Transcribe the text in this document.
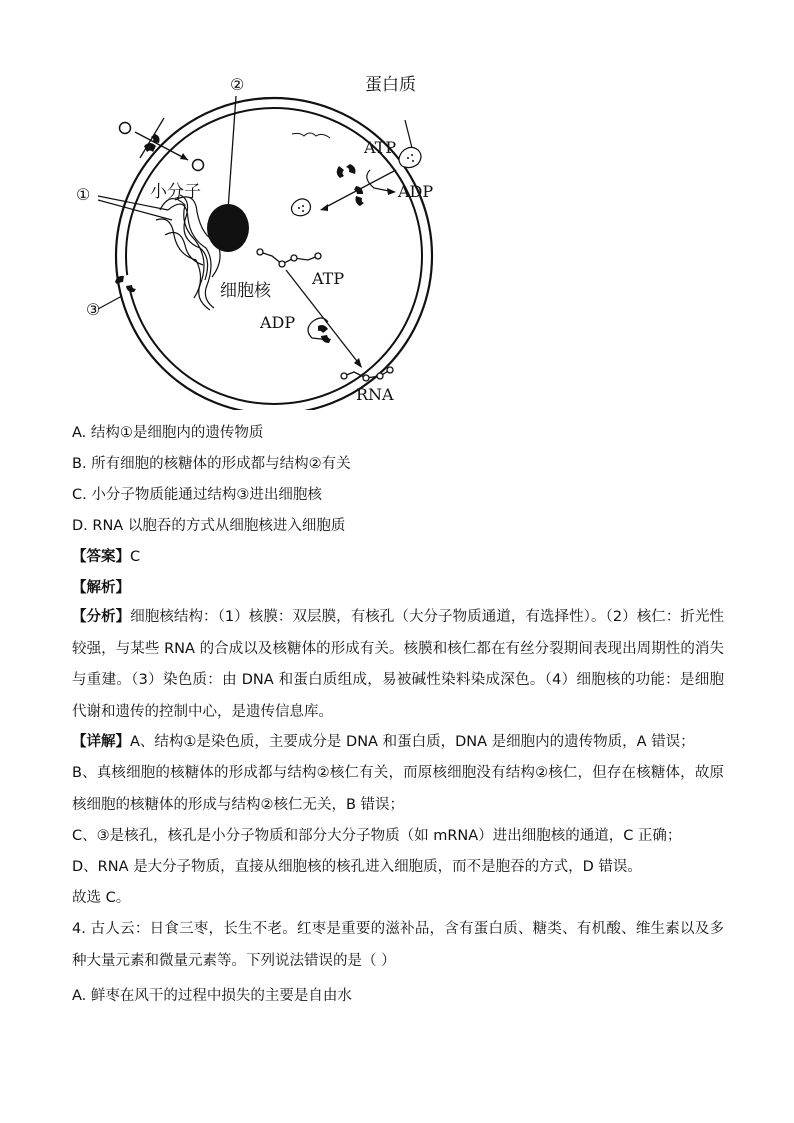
②	蛋白质
ATP
ADP
①	小分子
细胞核
ATP
ADP
③
RNA
A. 结构①是细胞内的遗传物质
B. 所有细胞的核糖体的形成都与结构②有关
C. 小分子物质能通过结构③进出细胞核
D. RNA 以胞吞的方式从细胞核进入细胞质
【答案】C
【解析】
【分析】细胞核结构：（1）核膜：双层膜，有核孔（大分子物质通道，有选择性）。（2）核仁：折光性较强，与某些 RNA 的合成以及核糖体的形成有关。核膜和核仁都在有丝分裂期间表现出周期性的消失与重建。（3）染色质：由 DNA 和蛋白质组成，易被碱性染料染成深色。（4）细胞核的功能：是细胞代谢和遗传的控制中心，是遗传信息库。
【详解】A、结构①是染色质，主要成分是 DNA 和蛋白质，DNA 是细胞内的遗传物质，A 错误；
B、真核细胞的核糖体的形成都与结构②核仁有关，而原核细胞没有结构②核仁，但存在核糖体，故原核细胞的核糖体的形成与结构②核仁无关，B 错误；
C、③是核孔，核孔是小分子物质和部分大分子物质（如 mRNA）进出细胞核的通道，C 正确；
D、RNA 是大分子物质，直接从细胞核的核孔进入细胞质，而不是胞吞的方式，D 错误。
故选 C。
4. 古人云：日食三枣，长生不老。红枣是重要的滋补品，含有蛋白质、糖类、有机酸、维生素以及多种大量元素和微量元素等。下列说法错误的是（ ）
A. 鲜枣在风干的过程中损失的主要是自由水
